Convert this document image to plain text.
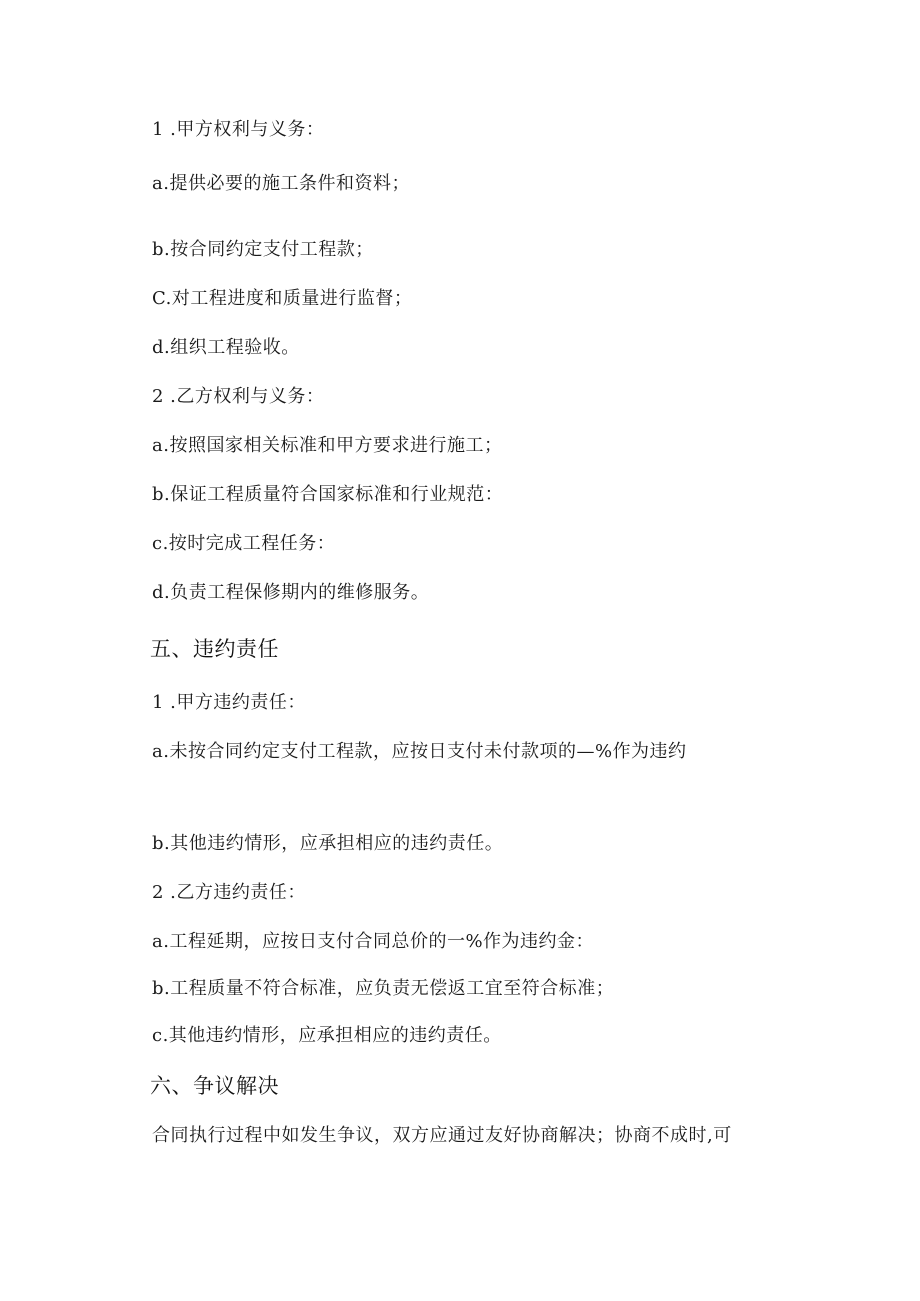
1 .甲方权利与义务：
a.提供必要的施工条件和资料；
b.按合同约定支付工程款；
C.对工程进度和质量进行监督；
d.组织工程验收。
2 .乙方权利与义务：
a.按照国家相关标准和甲方要求进行施工；
b.保证工程质量符合国家标准和行业规范：
c.按时完成工程任务：
d.负责工程保修期内的维修服务。
五、违约责任
1 .甲方违约责任：
a.未按合同约定支付工程款，应按日支付未付款项的—%作为违约
b.其他违约情形，应承担相应的违约责任。
2 .乙方违约责任：
a.工程延期，应按日支付合同总价的一%作为违约金：
b.工程质量不符合标准，应负责无偿返工宜至符合标准；
c.其他违约情形，应承担相应的违约责任。
六、争议解决
合同执行过程中如发生争议，双方应通过友好协商解决；协商不成时,可
